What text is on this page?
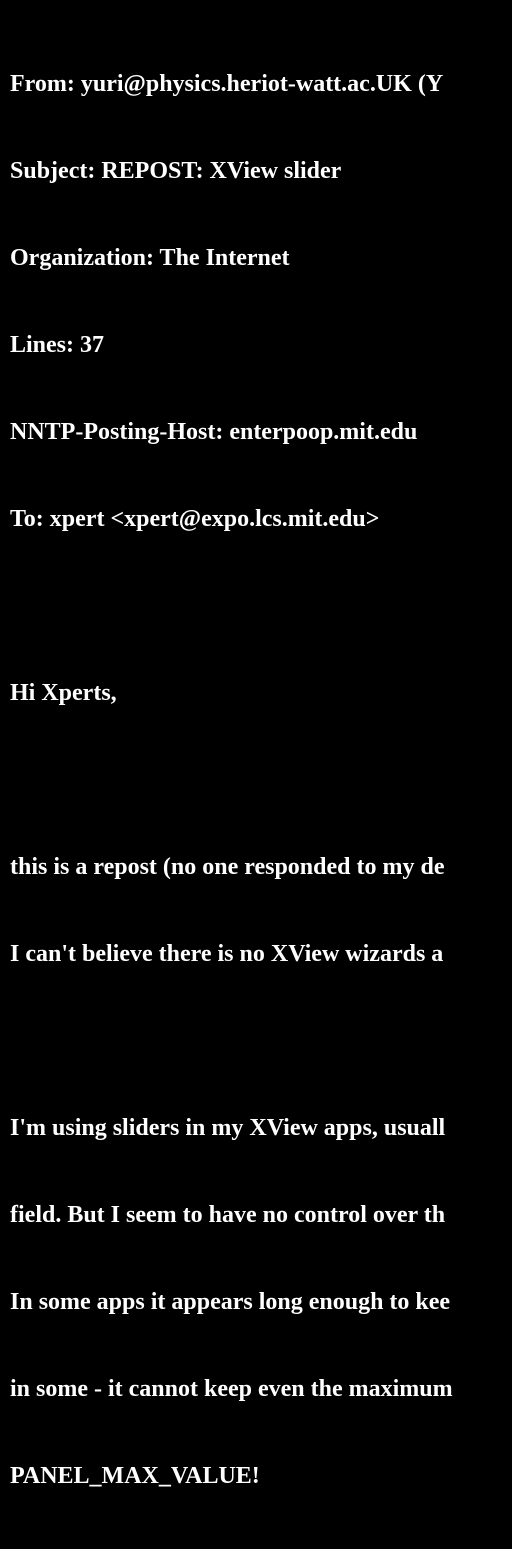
From: yuri@physics.heriot-watt.ac.UK (Y

Subject: REPOST: XView slider

Organization: The Internet

Lines: 37

NNTP-Posting-Host: enterpoop.mit.edu

To: xpert <xpert@expo.lcs.mit.edu>

Hi Xperts,

this is a repost (no one responded to my de

I can't believe there is no XView wizards a

I'm using sliders in my XView apps, usuall

field. But I seem to have no control over th

In some apps it appears long enough to kee

in some - it cannot keep even the maximum

PANEL_MAX_VALUE!
